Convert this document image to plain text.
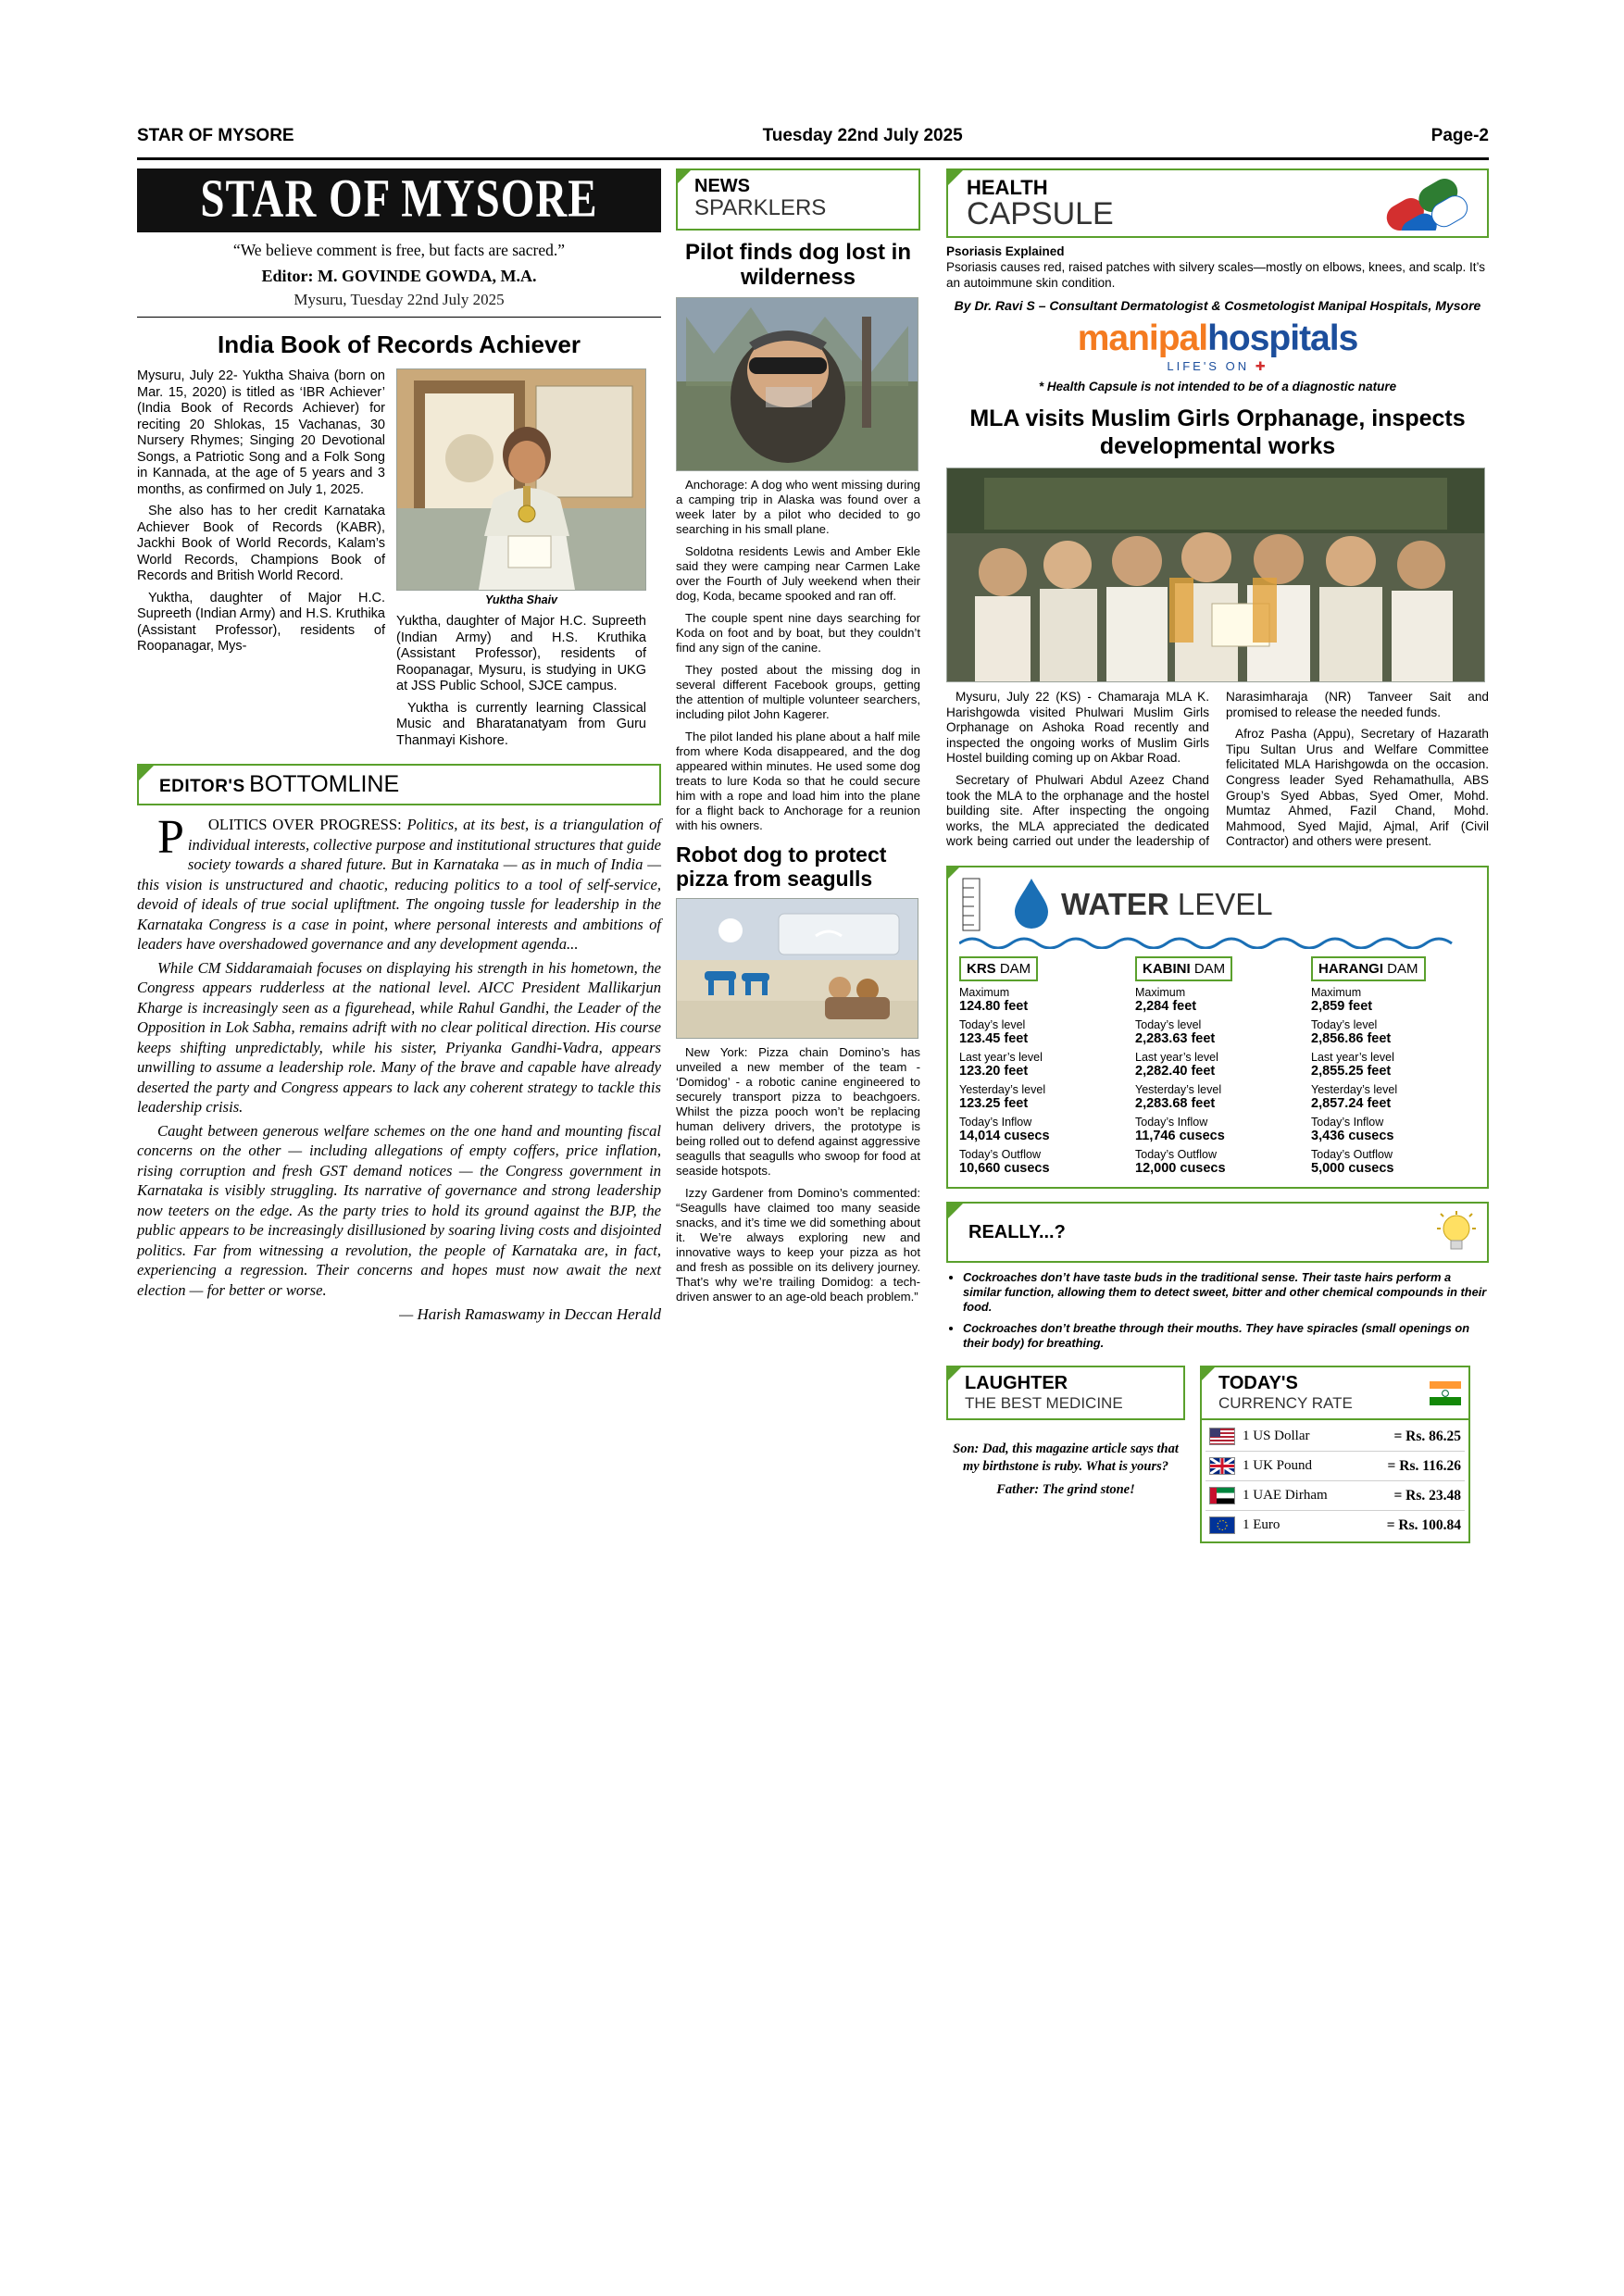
STAR OF MYSORE	Tuesday 22nd July 2025	Page-2
STAR OF MYSORE
“We believe comment is free, but facts are sacred.”
Editor: M. GOVINDE GOWDA, M.A.
Mysuru, Tuesday 22nd July 2025
India Book of Records Achiever
Mysuru, July 22- Yuktha Shaiva (born on Mar. 15, 2020) is titled as ‘IBR Achiever’ (India Book of Records Achiever) for reciting 20 Shlokas, 15 Vachanas, 30 Nursery Rhymes; Singing 20 Devotional Songs, a Patriotic Song and a Folk Song in Kannada, at the age of 5 years and 3 months, as confirmed on July 1, 2025.
She also has to her credit Karnataka Achiever Book of Records (KABR), Jackhi Book of World Records, Kalam’s World Records, Champions Book of Records and British World Record.
Yuktha, daughter of Major H.C. Supreeth (Indian Army) and H.S. Kruthika (Assistant Professor), residents of Roopanagar, Mys-
Yuktha Shaiv
Yuktha, daughter of Major H.C. Supreeth (Indian Army) and H.S. Kruthika (Assistant Professor), residents of Roopanagar, Mysuru, is studying in UKG at JSS Public School, SJCE campus.
Yuktha is currently learning Classical Music and Bharatanatyam from Guru Thanmayi Kishore.
EDITOR'S BOTTOMLINE

P OLITICS OVER PROGRESS: Politics, at its best, is a triangulation of individual interests, collective purpose and institutional structures that guide society towards a shared future. But in Karnataka — as in much of India — this vision is unstructured and chaotic, reducing politics to a tool of self-service, devoid of ideals of true social upliftment. The ongoing tussle for leadership in the Karnataka Congress is a case in point, where personal interests and ambitions of leaders have overshadowed governance and any development agenda...

While CM Siddaramaiah focuses on displaying his strength in his hometown, the Congress appears rudderless at the national level. AICC President Mallikarjun Kharge is increasingly seen as a figurehead, while Rahul Gandhi, the Leader of the Opposition in Lok Sabha, remains adrift with no clear political direction. His course keeps shifting unpredictably, while his sister, Priyanka Gandhi-Vadra, appears unwilling to assume a leadership role. Many of the brave and capable have already deserted the party and Congress appears to lack any coherent strategy to tackle this leadership crisis.

Caught between generous welfare schemes on the one hand and mounting fiscal concerns on the other — including allegations of empty coffers, price inflation, rising corruption and fresh GST demand notices — the Congress government in Karnataka is visibly struggling. Its narrative of governance and strong leadership now teeters on the edge. As the party tries to hold its ground against the BJP, the public appears to be increasingly disillusioned by soaring living costs and disjointed politics. Far from witnessing a revolution, the people of Karnataka are, in fact, experiencing a regression. Their concerns and hopes must now await the next election — for better or worse.

— Harish Ramaswamy in Deccan Herald
NEWS
SPARKLERS
Pilot finds dog lost in wilderness

Anchorage: A dog who went missing during a camping trip in Alaska was found over a week later by a pilot who decided to go searching in his small plane.

Soldotna residents Lewis and Amber Ekle said they were camping near Carmen Lake over the Fourth of July weekend when their dog, Koda, became spooked and ran off.

The couple spent nine days searching for Koda on foot and by boat, but they couldn’t find any sign of the canine.

They posted about the missing dog in several different Facebook groups, getting the attention of multiple volunteer searchers, including pilot John Kagerer.

The pilot landed his plane about a half mile from where Koda disappeared, and the dog appeared within minutes. He used some dog treats to lure Koda so that he could secure him with a rope and load him into the plane for a flight back to Anchorage for a reunion with his owners.

Robot dog to protect pizza from seagulls

New York: Pizza chain Domino’s has unveiled a new member of the team - ‘Domidog’ - a robotic canine engineered to securely transport pizza to beachgoers. Whilst the pizza pooch won’t be replacing human delivery drivers, the prototype is being rolled out to defend against aggressive seagulls that seagulls who swoop for food at seaside hotspots.

Izzy Gardener from Domino’s commented: “Seagulls have claimed too many seaside snacks, and it’s time we did something about it. We’re always exploring new and innovative ways to keep your pizza as hot and fresh as possible on its delivery journey. That’s why we’re trailing Domidog: a tech-driven answer to an age-old beach problem.”

HEALTH
CAPSULE
Psoriasis Explained
Psoriasis causes red, raised patches with silvery scales—mostly on elbows, knees, and scalp. It’s an autoimmune skin condition.
By Dr. Ravi S – Consultant Dermatologist & Cosmetologist Manipal Hospitals, Mysore
manipalhospitals
LIFE'S ON ✚
* Health Capsule is not intended to be of a diagnostic nature
MLA visits Muslim Girls Orphanage, inspects developmental works

Mysuru, July 22 (KS) - Chamaraja MLA K. Harishgowda visited Phulwari Muslim Girls Orphanage on Ashoka Road recently and inspected the ongoing works of Muslim Girls Hostel building coming up on Akbar Road.

Secretary of Phulwari Abdul Azeez Chand took the MLA to the orphanage and the hostel building site. After inspecting the ongoing works, the MLA appreciated the dedicated work being carried out under the leadership of Narasimharaja (NR) Tanveer Sait and promised to release the needed funds.

Afroz Pasha (Appu), Secretary of Hazarath Tipu Sultan Urus and Welfare Committee felicitated MLA Harishgowda on the occasion. Congress leader Syed Rehamathulla, ABS Group’s Syed Abbas, Syed Omer, Mohd. Mumtaz Ahmed, Fazil Chand, Mohd. Mahmood, Syed Majid, Ajmal, Arif (Civil Contractor) and others were present.

WATER LEVEL
KRS DAM
Maximum
124.80 feet
Today’s level
123.45 feet
Last year’s level
123.20 feet
Yesterday’s level
123.25 feet
Today’s Inflow
14,014 cusecs
Today’s Outflow
10,660 cusecs
KABINI DAM
Maximum
2,284 feet
Today’s level
2,283.63 feet
Last year’s level
2,282.40 feet
Yesterday’s level
2,283.68 feet
Today’s Inflow
11,746 cusecs
Today’s Outflow
12,000 cusecs
HARANGI DAM
Maximum
2,859 feet
Today’s level
2,856.86 feet
Last year’s level
2,855.25 feet
Yesterday’s level
2,857.24 feet
Today’s Inflow
3,436 cusecs
Today’s Outflow
5,000 cusecs
REALLY...?
• Cockroaches don’t have taste buds in the traditional sense. Their taste hairs perform a similar function, allowing them to detect sweet, bitter and other chemical compounds in their food.
• Cockroaches don’t breathe through their mouths. They have spiracles (small openings on their body) for breathing.
LAUGHTER
THE BEST MEDICINE
Son: Dad, this magazine article says that my birthstone is ruby. What is yours?
Father: The grind stone!
TODAY'S
CURRENCY RATE
1 US Dollar	= Rs. 86.25
1 UK Pound	= Rs. 116.26
1 UAE Dirham	= Rs. 23.48
1 Euro	= Rs. 100.84
